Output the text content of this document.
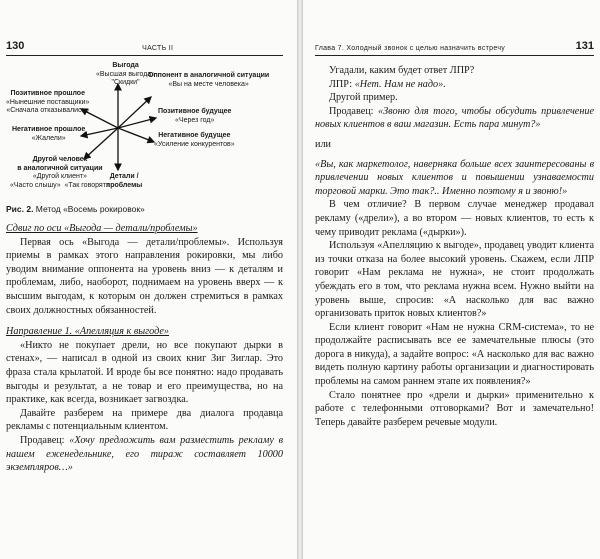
130	ЧАСТЬ II
Выгода
«Высшая выгода»
"Скидки"
Оппонент в аналогичной ситуации
«Вы на месте человека»
Позитивное прошлое
«Нынешние поставщики»
«Сначала отказывались»	Позитивное будущее
«Через год»
Негативное прошлое
«Жалели»	Негативное будущее
«Усиление конкурентов»
Другой человек
в аналогичной ситуации
«Другой клиент»
«Часто слышу» «Так говорят»
Детали /
проблемы
Рис. 2. Метод «Восемь рокировок»

Сдвиг по оси «Выгода — детали/проблемы»

Первая ось «Выгода — детали/проблемы». Используя приемы в рамках этого направления рокировки, мы либо уводим внимание оппонента на уровень вниз — к деталям и проблемам, либо, наоборот, поднимаем на уровень вверх — к высшим выгодам, к которым он должен стремиться в рамках своих должностных обязанностей.

Направление 1. «Апелляция к выгоде»

«Никто не покупает дрели, но все покупают дырки в стенах», — написал в одной из своих книг Зиг Зиглар. Это фраза стала крылатой. И вроде бы все понятно: надо продавать выгоды и результат, а не товар и его преимущества, но на практике, как всегда, возникает загвоздка.

Давайте разберем на примере два диалога продавца рекламы с потенциальным клиентом.

Продавец: «Хочу предложить вам разместить рекламу в нашем еженедельнике, его тираж составляет 10000 экземпляров…»

Глава 7. Холодный звонок с целью назначить встречу	131

Угадали, каким будет ответ ЛПР?

ЛПР: «Нет. Нам не надо».

Другой пример.

Продавец: «Звоню для того, чтобы обсудить привлечение новых клиентов в ваш магазин. Есть пара минут?»

или

«Вы, как маркетолог, наверняка больше всех заинтересованы в привлечении новых клиентов и повышении узнаваемости торговой марки. Это так?.. Именно поэтому я и звоню!»

В чем отличие? В первом случае менеджер продавал рекламу («дрели»), а во втором — новых клиентов, то есть к чему приводит реклама («дырки»).

Используя «Апелляцию к выгоде», продавец уводит клиента из точки отказа на более высокий уровень. Скажем, если ЛПР говорит «Нам реклама не нужна», не стоит продолжать убеждать его в том, что реклама нужна всем. Нужно выйти на уровень выше, спросив: «А насколько для вас важно организовать приток новых клиентов?»

Если клиент говорит «Нам не нужна CRM-система», то не продолжайте расписывать все ее замечательные плюсы (это дорога в никуда), а задайте вопрос: «А насколько для вас важно видеть полную картину работы организации и диагностировать проблемы на самом раннем этапе их появления?»

Стало понятнее про «дрели и дырки» применительно к работе с телефонными отговорками? Вот и замечательно! Теперь давайте разберем речевые модули.
